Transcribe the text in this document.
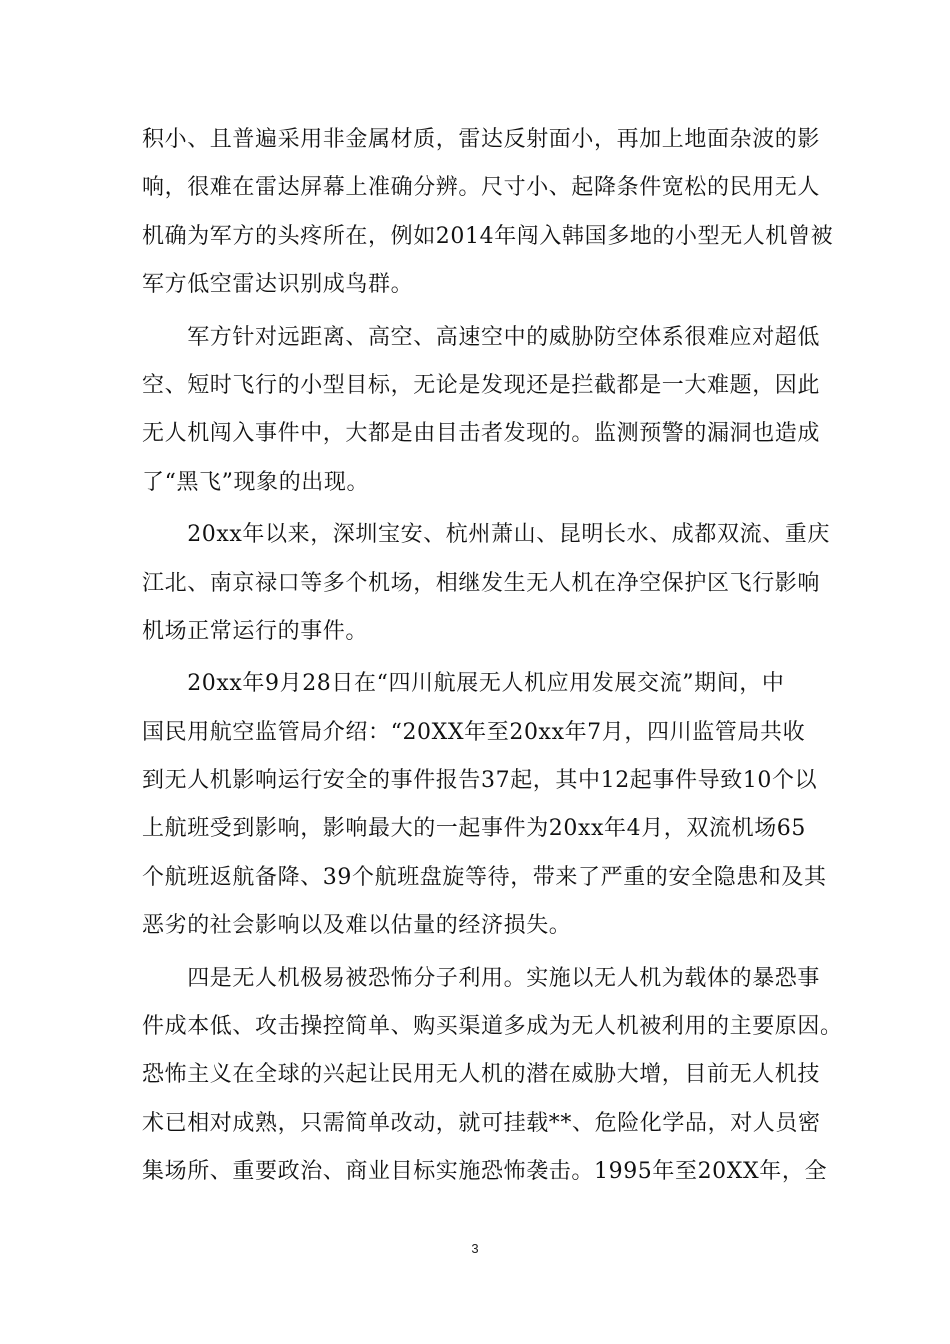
积小、且普遍采用非金属材质，雷达反射面小，再加上地面杂波的影
响，很难在雷达屏幕上准确分辨。尺寸小、起降条件宽松的民用无人
机确为军方的头疼所在，例如2014年闯入韩国多地的小型无人机曾被
军方低空雷达识别成鸟群。
　　军方针对远距离、高空、高速空中的威胁防空体系很难应对超低
空、短时飞行的小型目标，无论是发现还是拦截都是一大难题，因此
无人机闯入事件中，大都是由目击者发现的。监测预警的漏洞也造成
了“黑飞”现象的出现。
　　20xx年以来，深圳宝安、杭州萧山、昆明长水、成都双流、重庆
江北、南京禄口等多个机场，相继发生无人机在净空保护区飞行影响
机场正常运行的事件。
　　20xx年9月28日在“四川航展无人机应用发展交流”期间，中
国民用航空监管局介绍：“20XX年至20xx年7月，四川监管局共收
到无人机影响运行安全的事件报告37起，其中12起事件导致10个以
上航班受到影响，影响最大的一起事件为20xx年4月，双流机场65
个航班返航备降、39个航班盘旋等待，带来了严重的安全隐患和及其
恶劣的社会影响以及难以估量的经济损失。
　　四是无人机极易被恐怖分子利用。实施以无人机为载体的暴恐事
件成本低、攻击操控简单、购买渠道多成为无人机被利用的主要原因。
恐怖主义在全球的兴起让民用无人机的潜在威胁大增，目前无人机技
术已相对成熟，只需简单改动，就可挂载**、危险化学品，对人员密
集场所、重要政治、商业目标实施恐怖袭击。1995年至20XX年，全
3
